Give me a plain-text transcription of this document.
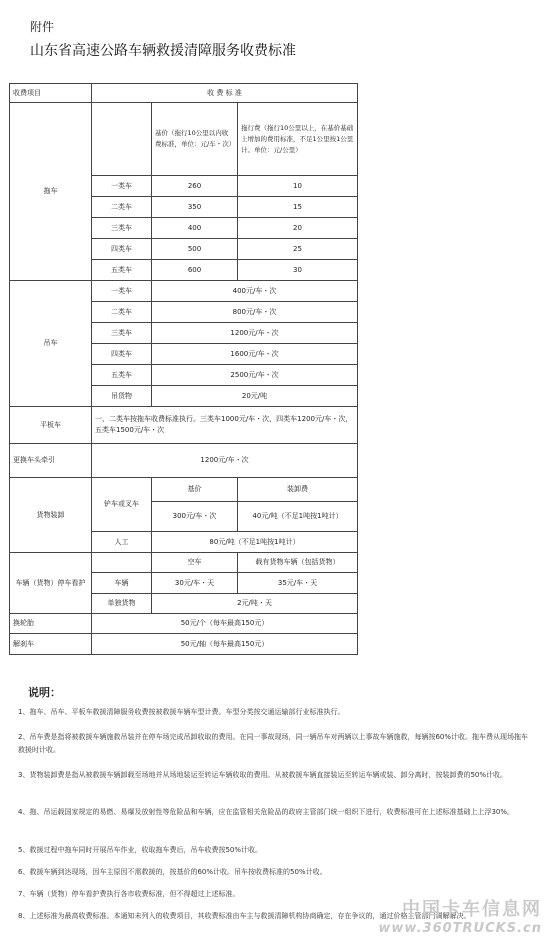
附件
山东省高速公路车辆救援清障服务收费标准
收费项目	收 费 标 准		
拖车		基价（拖行10公里以内收费标准，单位：元/车・次）	拖行费（拖行10公里以上，在基价基础上增加的费用标准，不足1公里按1公里计。单位：元/公里）
	一类车	260	10
	二类车	350	15
	三类车	400	20
	四类车	500	25
	五类车	600	30
吊车	一类车	400元/车・次	
	二类车	800元/车・次	
	三类车	1200元/车・次	
	四类车	1600元/车・次	
	五类车	2500元/车・次	
	吊货物	20元/吨	
平板车	一、二类车按拖车收费标准执行。三类车1000元/车・次，四类车1200元/车・次，五类车1500元/车・次		
更换车头牵引	1200元/车・次		
货物装卸	铲车或叉车	基价	装卸费
		300元/车・次	40元/吨（不足1吨按1吨计）
	人工	80元/吨（不足1吨按1吨计）	
车辆（货物）停车看护		空车	载有货物车辆（包括货物）
	车辆	30元/车・天	35元/车・天
	单独货物	2元/吨・天	
换轮胎	50元/个（每车最高150元）		
解刹车	50元/轴（每车最高150元）		
说明：
1、拖车、吊车、平板车救援清障服务收费按被救援车辆车型计费。车型分类按交通运输部行业标准执行。
2、吊车费是指将被救援车辆施救吊装并在停车场完成吊卸收取的费用。在同一事故现场，同一辆吊车对两辆以上事故车辆施救，每辆按60%计收。拖车费从现场拖车救援时计收。
3、货物装卸费是指从被救援车辆卸载至场地并从场地装运至转运车辆收取的费用。从被救援车辆直接装运至转运车辆或装、卸分离时，按装卸费的50%计收。
4、拖、吊运载国家规定的易燃、易爆及放射性等危险品和车辆，应在监管相关危险品的政府主管部门统一组织下进行，收费标准可在上述标准基础上上浮30%。
5、救援过程中拖车同时开展吊车作业，收取拖车费后，吊车收费按50%计收。
6、救援车辆到达现场，因车主原因不需救援的，按基价的60%计收。吊车按收费标准的50%计收。
7、车辆（货物）停车看护费执行各市收费标准，但不得超过上述标准。
8、上述标准为最高收费标准。本通知未列入的收费项目，其收费标准由车主与救援清障机构协商确定，存在争议的，通过价格主管部门调解解决。
中国卡车信息网
www.360TRUCKS.cn
